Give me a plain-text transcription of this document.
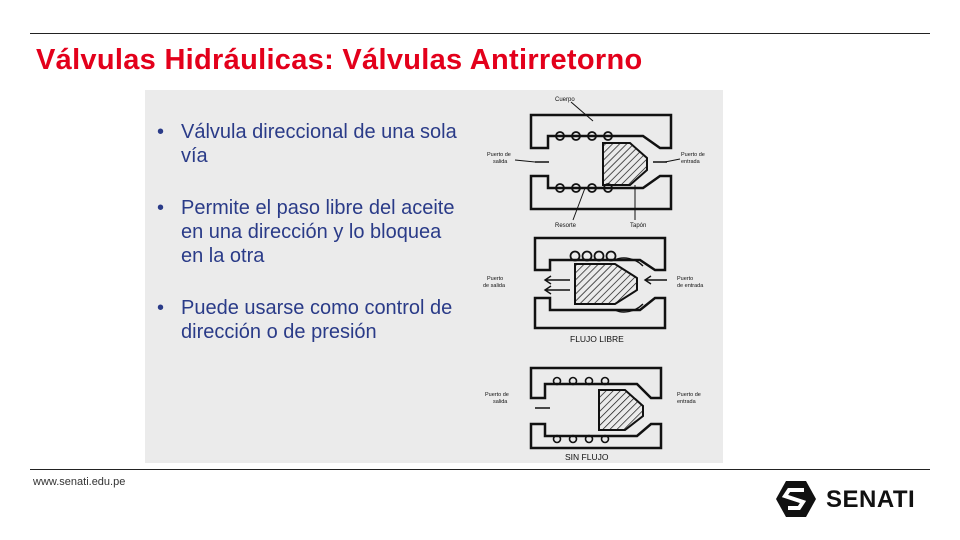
Válvulas Hidráulicas: Válvulas Antirretorno
• Válvula direccional de una sola vía
• Permite el paso libre del aceite en una dirección y lo bloquea en la otra
• Puede usarse como control de dirección o de presión
Cuerpo
Puerto de salida
Puerto de entrada
Resorte	Tapón
Puerto de salida
Puerto de entrada
FLUJO LIBRE
Puerto de salida
Puerto de entrada
SIN FLUJO
www.senati.edu.pe
SENATI
